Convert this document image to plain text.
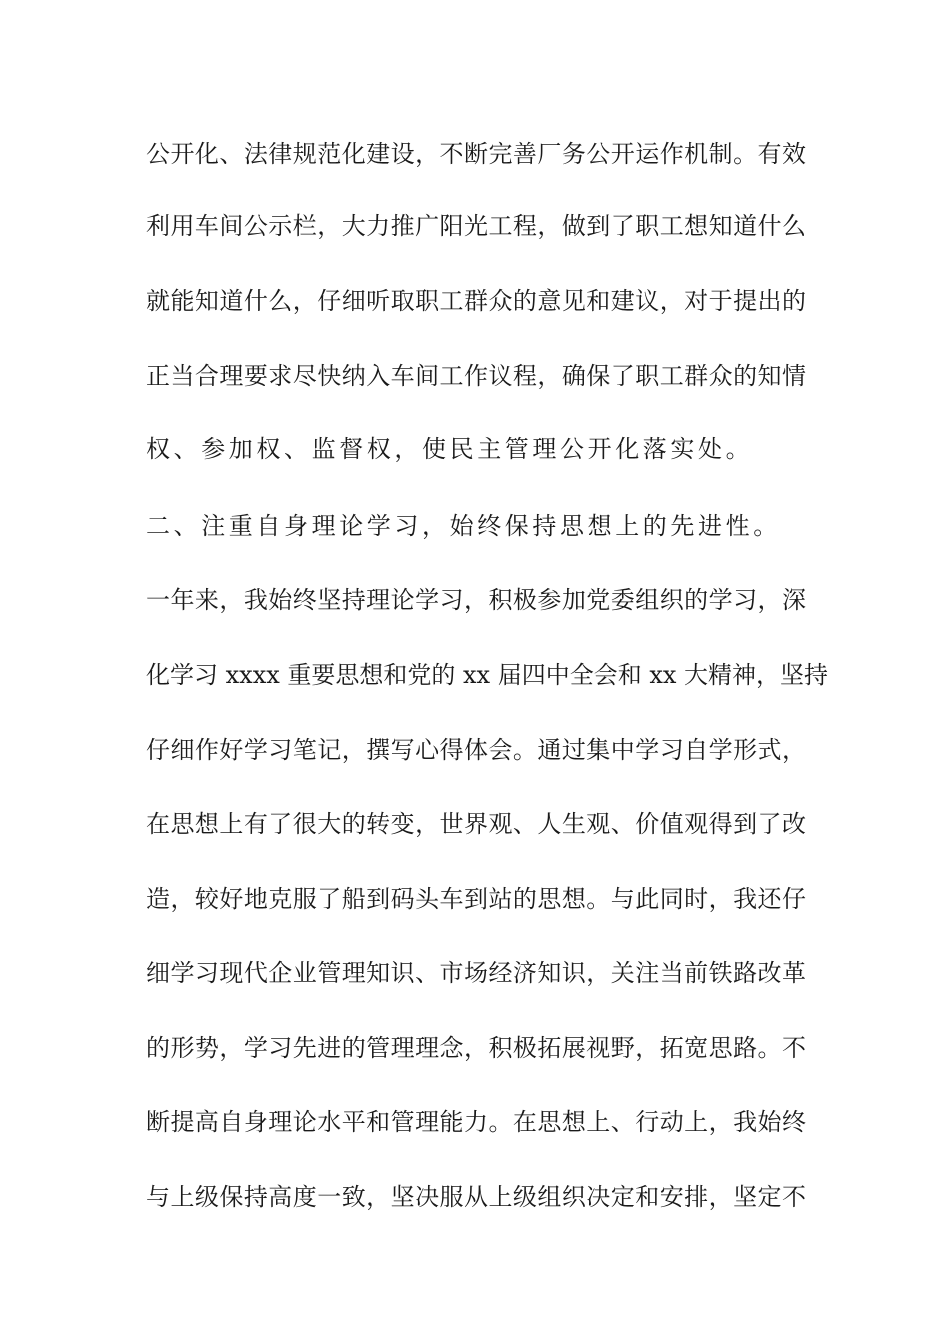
公开化、法律规范化建设，不断完善厂务公开运作机制。有效
利用车间公示栏，大力推广阳光工程，做到了职工想知道什么
就能知道什么，仔细听取职工群众的意见和建议，对于提出的
正当合理要求尽快纳入车间工作议程，确保了职工群众的知情
权、参加权、监督权，使民主管理公开化落实处。
二、注重自身理论学习，始终保持思想上的先进性。
一年来，我始终坚持理论学习，积极参加党委组织的学习，深
化学习 xxxx 重要思想和党的 xx 届四中全会和 xx 大精神，坚持
仔细作好学习笔记，撰写心得体会。通过集中学习自学形式，
在思想上有了很大的转变，世界观、人生观、价值观得到了改
造，较好地克服了船到码头车到站的思想。与此同时，我还仔
细学习现代企业管理知识、市场经济知识，关注当前铁路改革
的形势，学习先进的管理理念，积极拓展视野，拓宽思路。不
断提高自身理论水平和管理能力。在思想上、行动上，我始终
与上级保持高度一致，坚决服从上级组织决定和安排，坚定不
